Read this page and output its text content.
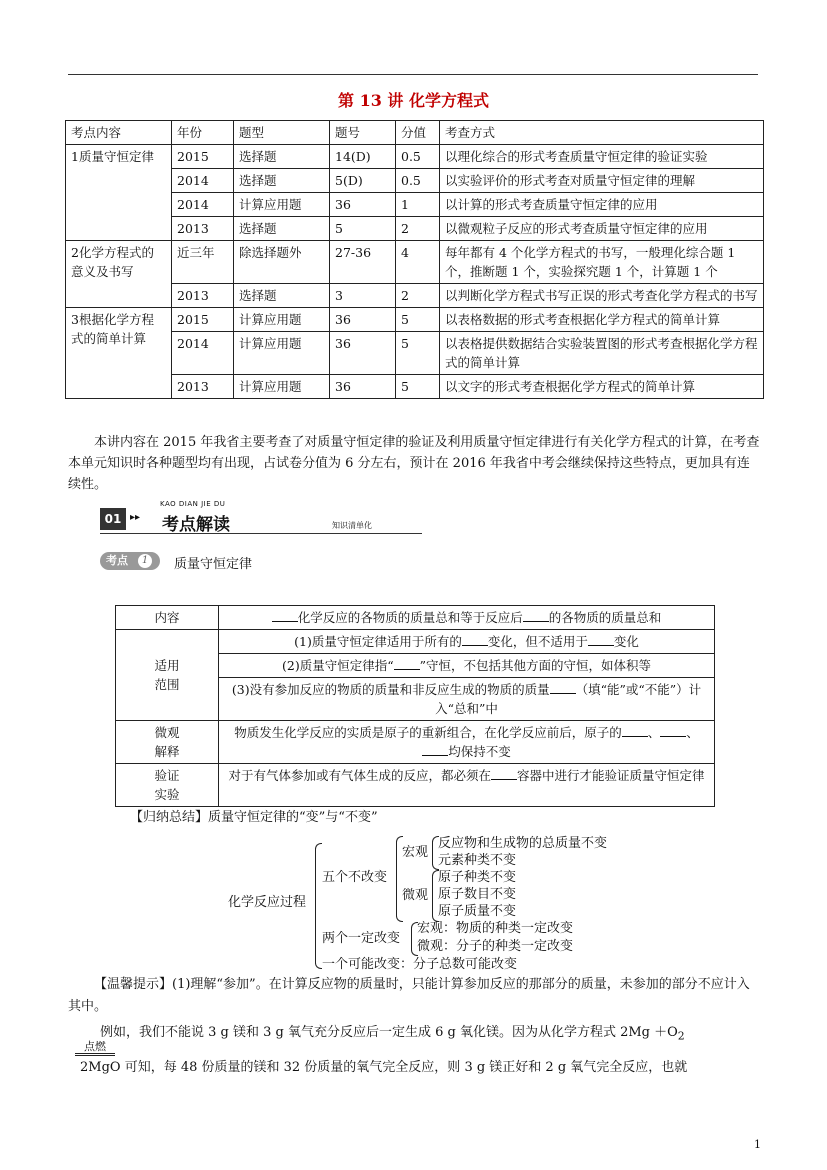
第 13 讲 化学方程式
考点内容	年份	题型	题号	分值	考查方式
1质量守恒定律	2015	选择题	14(D)	0.5	以理化综合的形式考查质量守恒定律的验证实验
	2014	选择题	5(D)	0.5	以实验评价的形式考查对质量守恒定律的理解
	2014	计算应用题	36	1	以计算的形式考查质量守恒定律的应用
	2013	选择题	5	2	以微观粒子反应的形式考查质量守恒定律的应用
2化学方程式的意义及书写	近三年	除选择题外	27-36	4	每年都有 4 个化学方程式的书写，一般理化综合题 1 个，推断题 1 个，实验探究题 1 个，计算题 1 个
	2013	选择题	3	2	以判断化学方程式书写正误的形式考查化学方程式的书写
3根据化学方程式的简单计算	2015	计算应用题	36	5	以表格数据的形式考查根据化学方程式的简单计算
	2014	计算应用题	36	5	以表格提供数据结合实验装置图的形式考查根据化学方程式的简单计算
	2013	计算应用题	36	5	以文字的形式考查根据化学方程式的简单计算
本讲内容在 2015 年我省主要考查了对质量守恒定律的验证及利用质量守恒定律进行有关化学方程式的计算，在考查本单元知识时各种题型均有出现，占试卷分值为 6 分左右，预计在 2016 年我省中考会继续保持这些特点，更加具有连续性。
01 ▸▸
KAO DIAN JIE DU
考点解读	知识清单化
考点	1 质量守恒定律
内容	化学反应的各物质的质量总和等于反应后 的各物质的质量总和
适用
范围	(1)质量守恒定律适用于所有的 变化，但不适用于 变化
	(2)质量守恒定律指“ ”守恒，不包括其他方面的守恒，如体积等
	(3)没有参加反应的物质的质量和非反应生成的物质的质量 （填“能”或“不能”）计入“总和”中
微观
解释	物质发生化学反应的实质是原子的重新组合，在化学反应前后，原子的 、 、均保持不变
验证
实验	对于有气体参加或有气体生成的反应，都必须在 容器中进行才能验证质量守恒定律
【归纳总结】质量守恒定律的“变”与“不变”
化学反应过程
五个不改变
宏观
反应物和生成物的总质量不变
元素种类不变
微观
原子种类不变
原子数目不变
原子质量不变
两个一定改变
宏观：物质的种类一定改变
微观：分子的种类一定改变
一个可能改变：分子总数可能改变
【温馨提示】(1)理解“参加”。在计算反应物的质量时，只能计算参加反应的那部分的质量，未参加的部分不应计入其中。
例如，我们不能说 3 g 镁和 3 g 氧气充分反应后一定生成 6 g 氧化镁。因为从化学方程式 $2Mg +O_2$
点燃
2MgO 可知，每 48 份质量的镁和 32 份质量的氧气完全反应，则 3 g 镁正好和 2 g 氧气完全反应，也就
1
